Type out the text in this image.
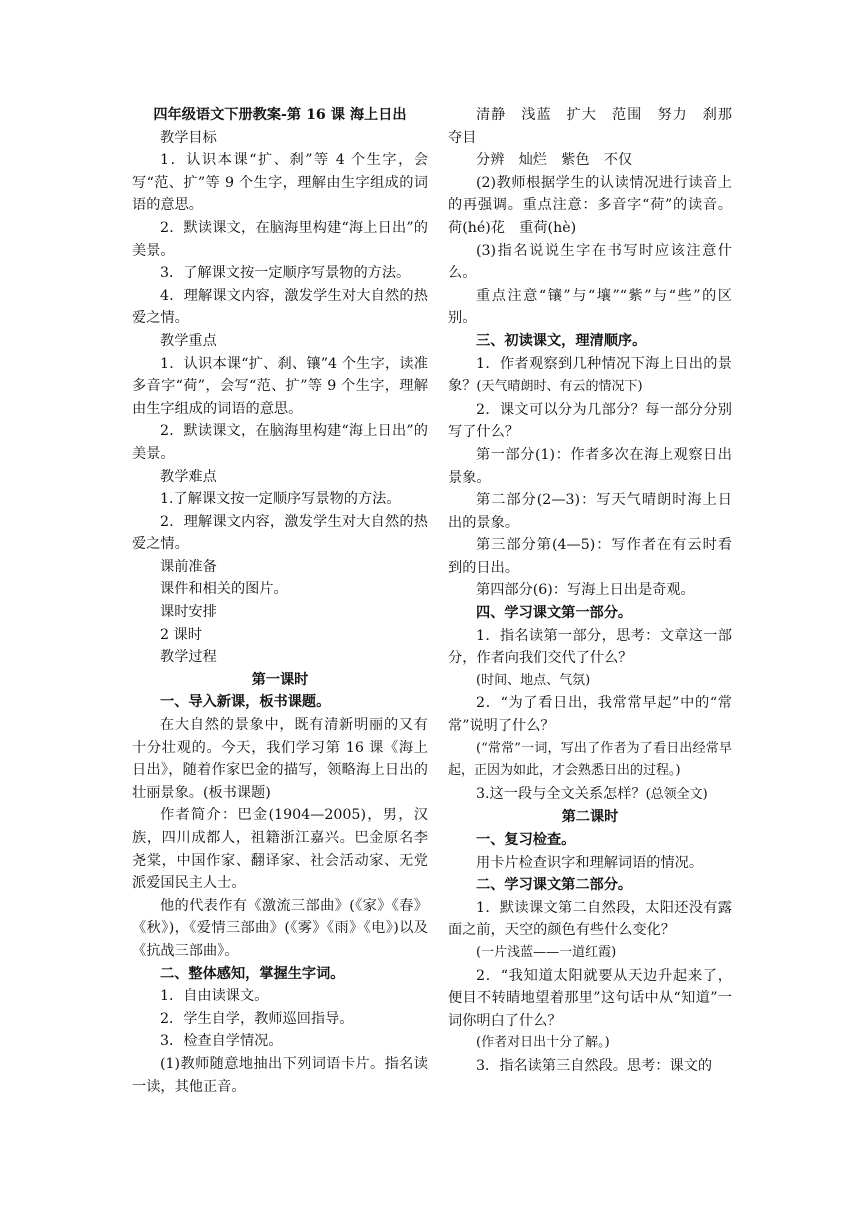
四年级语文下册教案-第 16 课 海上日出

教学目标

1．认识本课“扩、刹”等 4 个生字，会写“范、扩”等 9 个生字，理解由生字组成的词语的意思。

2．默读课文，在脑海里构建“海上日出”的美景。

3．了解课文按一定顺序写景物的方法。

4．理解课文内容，激发学生对大自然的热爱之情。

教学重点

1．认识本课“扩、刹、镶”4 个生字，读准多音字“荷”，会写“范、扩”等 9 个生字，理解由生字组成的词语的意思。

2．默读课文，在脑海里构建“海上日出”的美景。

教学难点

1.了解课文按一定顺序写景物的方法。

2．理解课文内容，激发学生对大自然的热爱之情。

课前准备

课件和相关的图片。

课时安排

2 课时

教学过程

第一课时

一、导入新课，板书课题。

在大自然的景象中，既有清新明丽的又有十分壮观的。今天，我们学习第 16 课《海上日出》，随着作家巴金的描写，领略海上日出的壮丽景象。(板书课题)

作者简介：巴金(1904—2005)，男，汉族，四川成都人，祖籍浙江嘉兴。巴金原名李尧棠，中国作家、翻译家、社会活动家、无党派爱国民主人士。

他的代表作有《激流三部曲》(《家》《春》《秋》)，《爱情三部曲》(《雾》《雨》《电》)以及《抗战三部曲》。

二、整体感知，掌握生字词。

1．自由读课文。

2．学生自学，教师巡回指导。

3．检查自学情况。

(1)教师随意地抽出下列词语卡片。指名读一读，其他正音。

清静　浅蓝　扩大　范围　努力　刹那　夺目

分辨　灿烂　紫色　不仅

(2)教师根据学生的认读情况进行读音上的再强调。重点注意：多音字“荷”的读音。荷(hé)花　重荷(hè)

(3)指名说说生字在书写时应该注意什么。

重点注意“镶”与“壤”“紫”与“些”的区别。

三、初读课文，理清顺序。

1．作者观察到几种情况下海上日出的景象？(天气晴朗时、有云的情况下)

2．课文可以分为几部分？每一部分分别写了什么？

第一部分(1)：作者多次在海上观察日出景象。

第二部分(2—3)：写天气晴朗时海上日出的景象。

第三部分第(4—5)：写作者在有云时看到的日出。

第四部分(6)：写海上日出是奇观。

四、学习课文第一部分。

1．指名读第一部分，思考：文章这一部分，作者向我们交代了什么？

(时间、地点、气氛)

2．“为了看日出，我常常早起”中的“常常”说明了什么？

(“常常”一词，写出了作者为了看日出经常早起，正因为如此，才会熟悉日出的过程。)

3.这一段与全文关系怎样？(总领全文)

第二课时

一、复习检查。

用卡片检查识字和理解词语的情况。

二、学习课文第二部分。

1．默读课文第二自然段，太阳还没有露面之前，天空的颜色有些什么变化？

(一片浅蓝——一道红霞)

2．“我知道太阳就要从天边升起来了，便目不转睛地望着那里”这句话中从“知道”一词你明白了什么？

(作者对日出十分了解。)

3．指名读第三自然段。思考：课文的
